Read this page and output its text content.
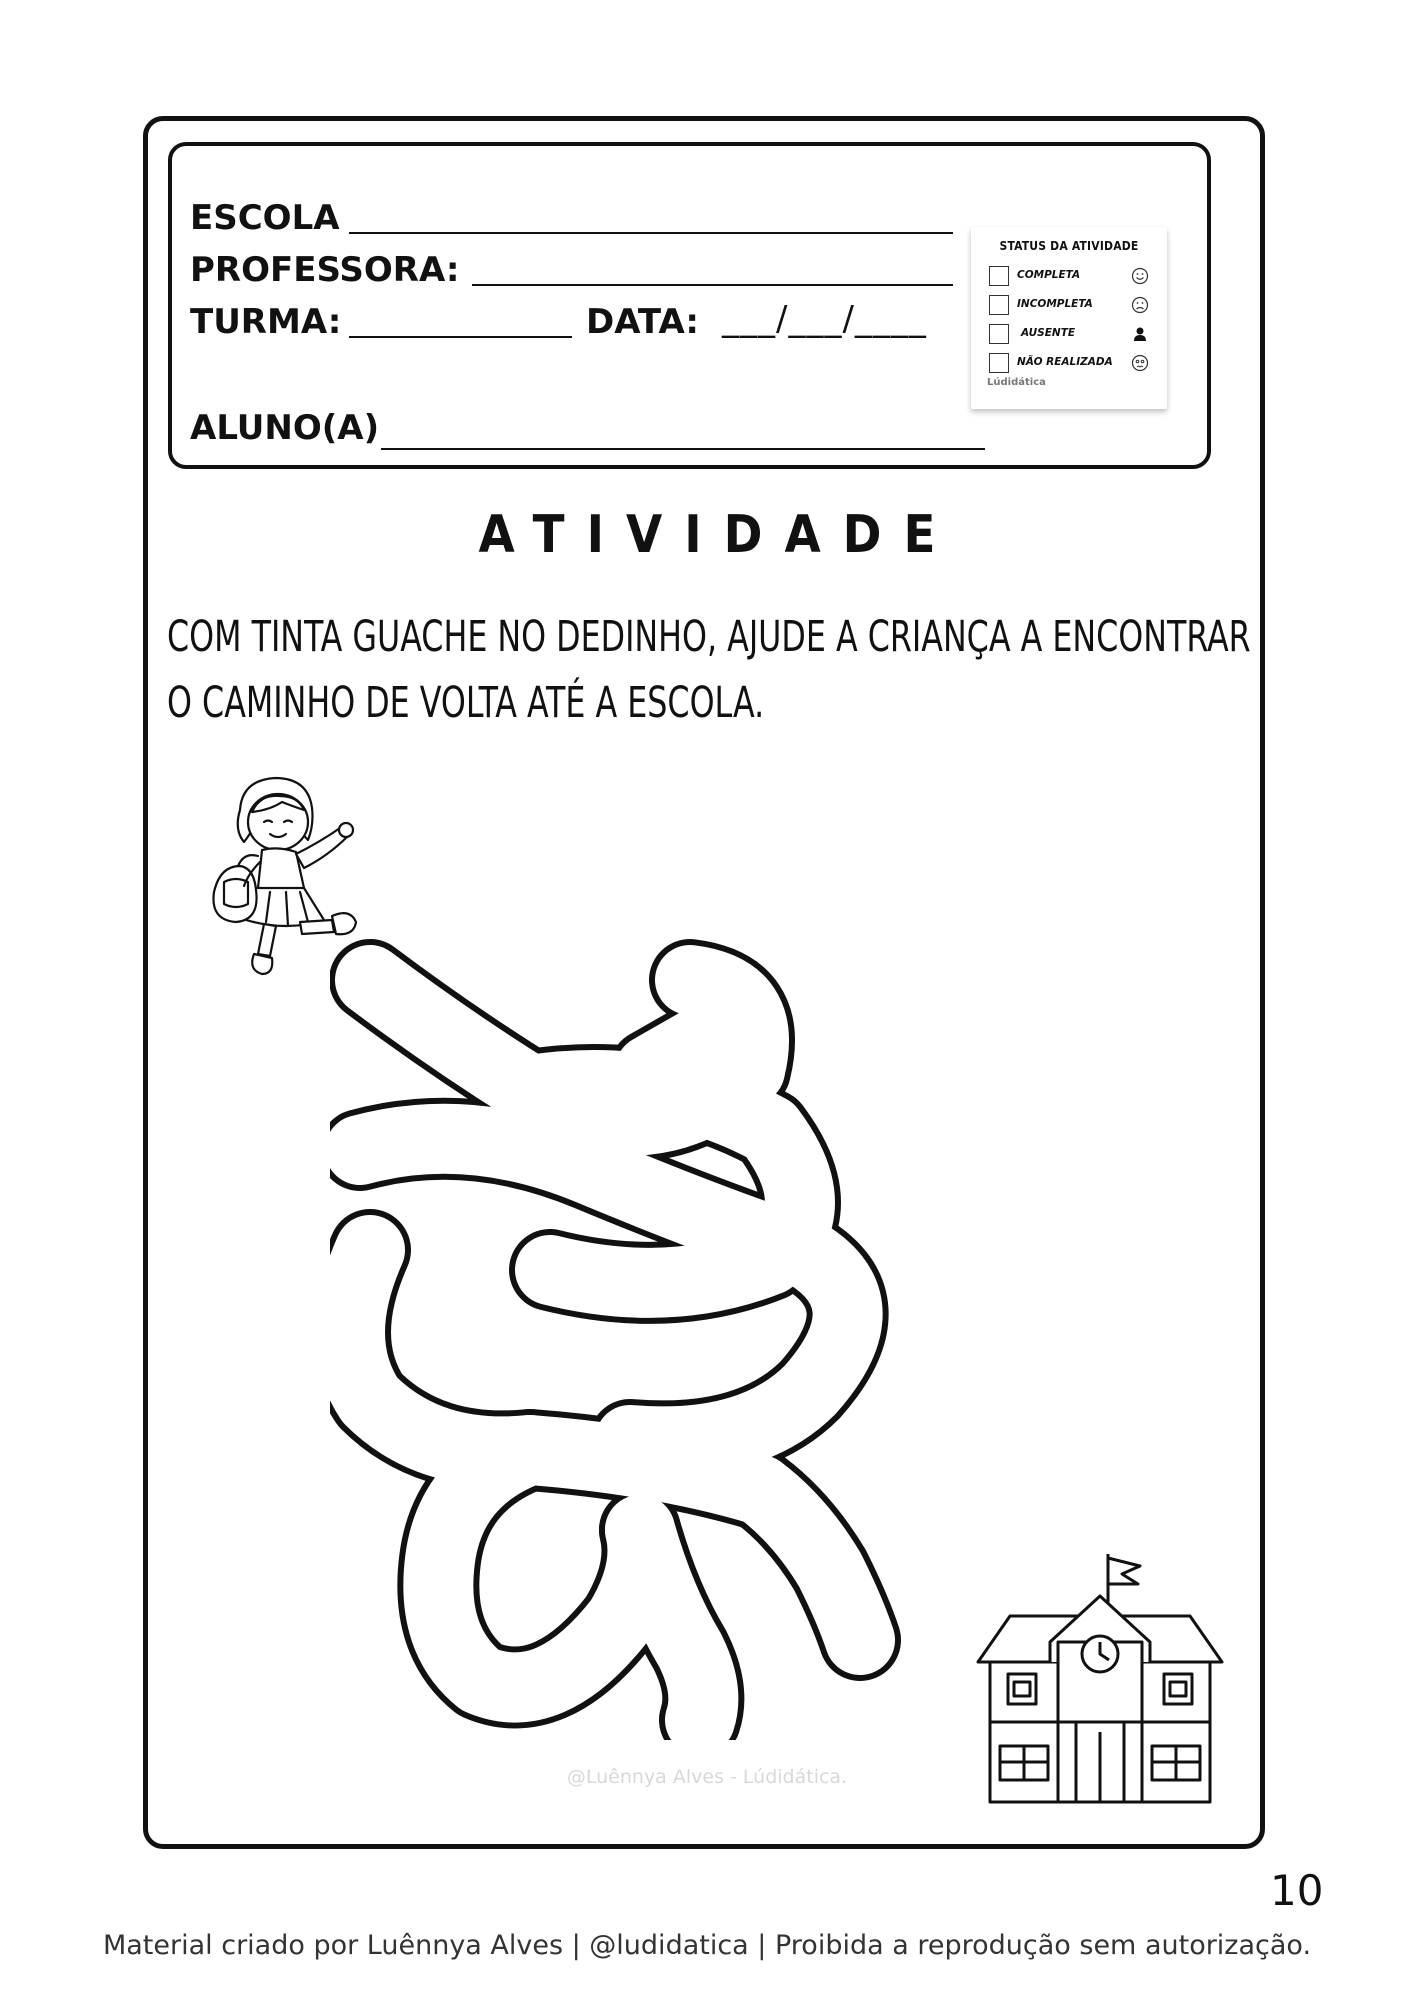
ESCOLA
PROFESSORA:
TURMA:	DATA: ___/___/____
ALUNO(A)
STATUS DA ATIVIDADE
COMPLETA
INCOMPLETA
AUSENTE
NÃO REALIZADA
Lúdidática
ATIVIDADE
COM TINTA GUACHE NO DEDINHO, AJUDE A CRIANÇA A ENCONTRAR
O CAMINHO DE VOLTA ATÉ A ESCOLA.
@Luênnya Alves - Lúdidática.
10
Material criado por Luênnya Alves | @ludidatica | Proibida a reprodução sem autorização.
